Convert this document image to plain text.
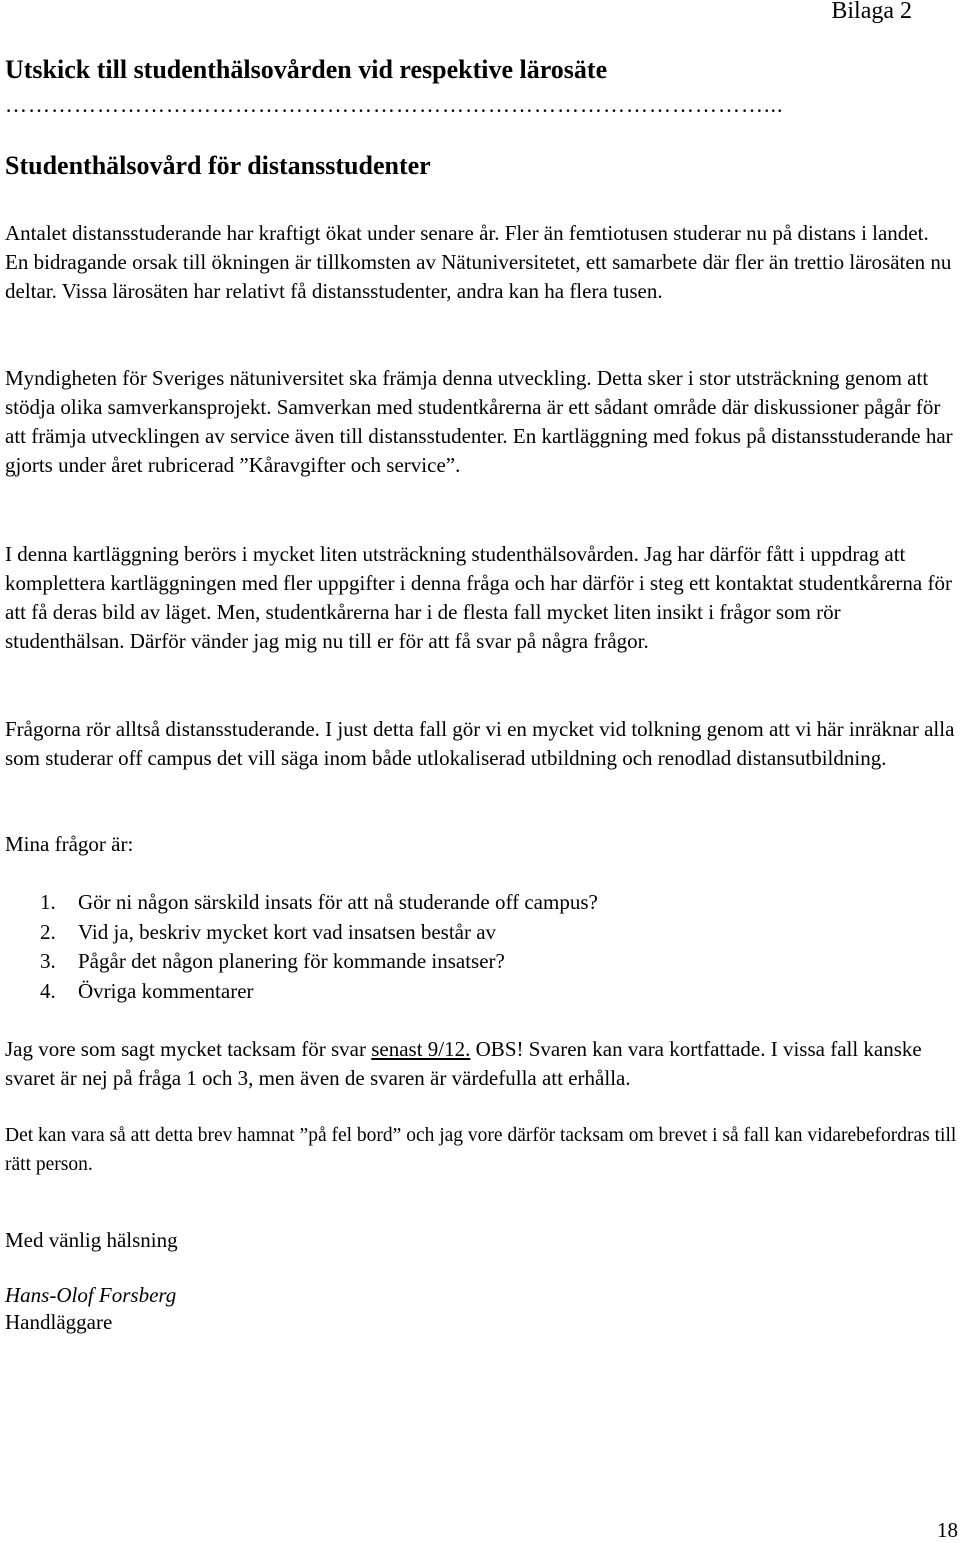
Bilaga 2
Utskick till studenthälsovården vid respektive lärosäte
………………………………………………………………………………………...
Studenthälsovård för distansstudenter

Antalet distansstuderande har kraftigt ökat under senare år. Fler än femtiotusen studerar nu på distans i landet. En bidragande orsak till ökningen är tillkomsten av Nätuniversitetet, ett samarbete där fler än trettio lärosäten nu deltar. Vissa lärosäten har relativt få distansstudenter, andra kan ha flera tusen.

Myndigheten för Sveriges nätuniversitet ska främja denna utveckling. Detta sker i stor utsträckning genom att stödja olika samverkansprojekt. Samverkan med studentkårerna är ett sådant område där diskussioner pågår för att främja utvecklingen av service även till distansstudenter. En kartläggning med fokus på distansstuderande har gjorts under året rubricerad ”Kåravgifter och service”.

I denna kartläggning berörs i mycket liten utsträckning studenthälsovården. Jag har därför fått i uppdrag att komplettera kartläggningen med fler uppgifter i denna fråga och har därför i steg ett kontaktat studentkårerna för att få deras bild av läget. Men, studentkårerna har i de flesta fall mycket liten insikt i frågor som rör studenthälsan. Därför vänder jag mig nu till er för att få svar på några frågor.

Frågorna rör alltså distansstuderande. I just detta fall gör vi en mycket vid tolkning genom att vi här inräknar alla som studerar off campus det vill säga inom både utlokaliserad utbildning och renodlad distansutbildning.

Mina frågor är:

1.	Gör ni någon särskild insats för att nå studerande off campus?
2.	Vid ja, beskriv mycket kort vad insatsen består av
3.	Pågår det någon planering för kommande insatser?
4.	Övriga kommentarer

Jag vore som sagt mycket tacksam för svar senast 9/12. OBS! Svaren kan vara kortfattade. I vissa fall kanske svaret är nej på fråga 1 och 3, men även de svaren är värdefulla att erhålla.

Det kan vara så att detta brev hamnat ”på fel bord” och jag vore därför tacksam om brevet i så fall kan vidarebefordras till rätt person.

Med vänlig hälsning
Hans-Olof Forsberg
Handläggare
18
